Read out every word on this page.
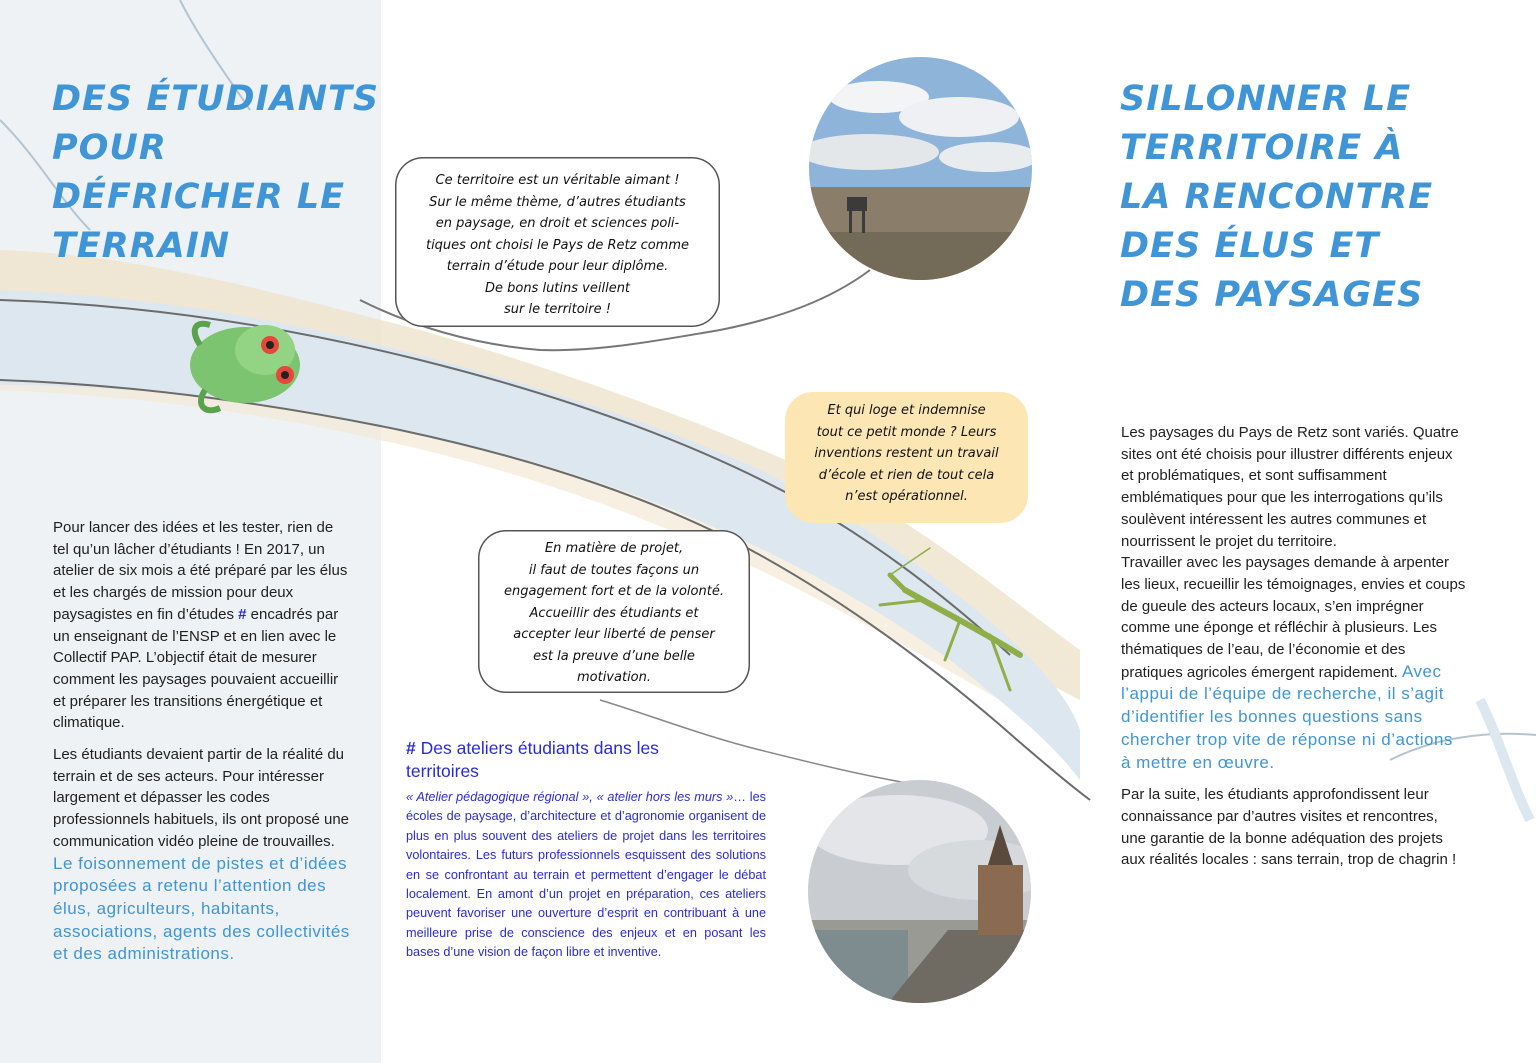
DES ÉTUDIANTS
POUR
DÉFRICHER LE
TERRAIN

Pour lancer des idées et les tester, rien de tel qu’un lâcher d’étudiants ! En 2017, un atelier de six mois a été préparé par les élus et les chargés de mission pour deux paysagistes en fin d’études # encadrés par un enseignant de l’ENSP et en lien avec le Collectif PAP. L’objectif était de mesurer comment les paysages pouvaient accueillir et préparer les transitions énergétique et climatique.

Les étudiants devaient partir de la réalité du terrain et de ses acteurs. Pour intéresser largement et dépasser les codes professionnels habituels, ils ont proposé une communication vidéo pleine de trouvailles. Le foisonnement de pistes et d’idées proposées a retenu l’attention des élus, agriculteurs, habitants, associations, agents des collectivités et des administrations.

Ce territoire est un véritable aimant !
Sur le même thème, d’autres étudiants
en paysage, en droit et sciences poli-
tiques ont choisi le Pays de Retz comme
terrain d’étude pour leur diplôme.
De bons lutins veillent
sur le territoire !
Et qui loge et indemnise
tout ce petit monde ? Leurs
inventions restent un travail
d’école et rien de tout cela
n’est opérationnel.
En matière de projet,
il faut de toutes façons un
engagement fort et de la volonté.
Accueillir des étudiants et
accepter leur liberté de penser
est la preuve d’une belle
motivation.
# Des ateliers étudiants dans les territoires
« Atelier pédagogique régional », « atelier hors les murs »… les écoles de paysage, d’architecture et d’agronomie organisent de plus en plus souvent des ateliers de projet dans les territoires volontaires. Les futurs professionnels esquissent des solutions en se confrontant au terrain et permettent d’engager le débat localement. En amont d’un projet en préparation, ces ateliers peuvent favoriser une ouverture d’esprit en contribuant à une meilleure prise de conscience des enjeux et en posant les bases d’une vision de façon libre et inventive.
SILLONNER LE
TERRITOIRE À
LA RENCONTRE
DES ÉLUS ET
DES PAYSAGES

Les paysages du Pays de Retz sont variés. Quatre sites ont été choisis pour illustrer différents enjeux et problématiques, et sont suffisamment emblématiques pour que les interrogations qu’ils soulèvent intéressent les autres communes et nourrissent le projet du territoire.

Travailler avec les paysages demande à arpenter les lieux, recueillir les témoignages, envies et coups de gueule des acteurs locaux, s’en imprégner comme une éponge et réfléchir à plusieurs. Les thématiques de l’eau, de l’économie et des pratiques agricoles émergent rapidement. Avec l’appui de l’équipe de recherche, il s’agit d’identifier les bonnes questions sans chercher trop vite de réponse ni d’actions à mettre en œuvre.

Par la suite, les étudiants approfondissent leur connaissance par d’autres visites et rencontres, une garantie de la bonne adéquation des projets aux réalités locales : sans terrain, trop de chagrin !
